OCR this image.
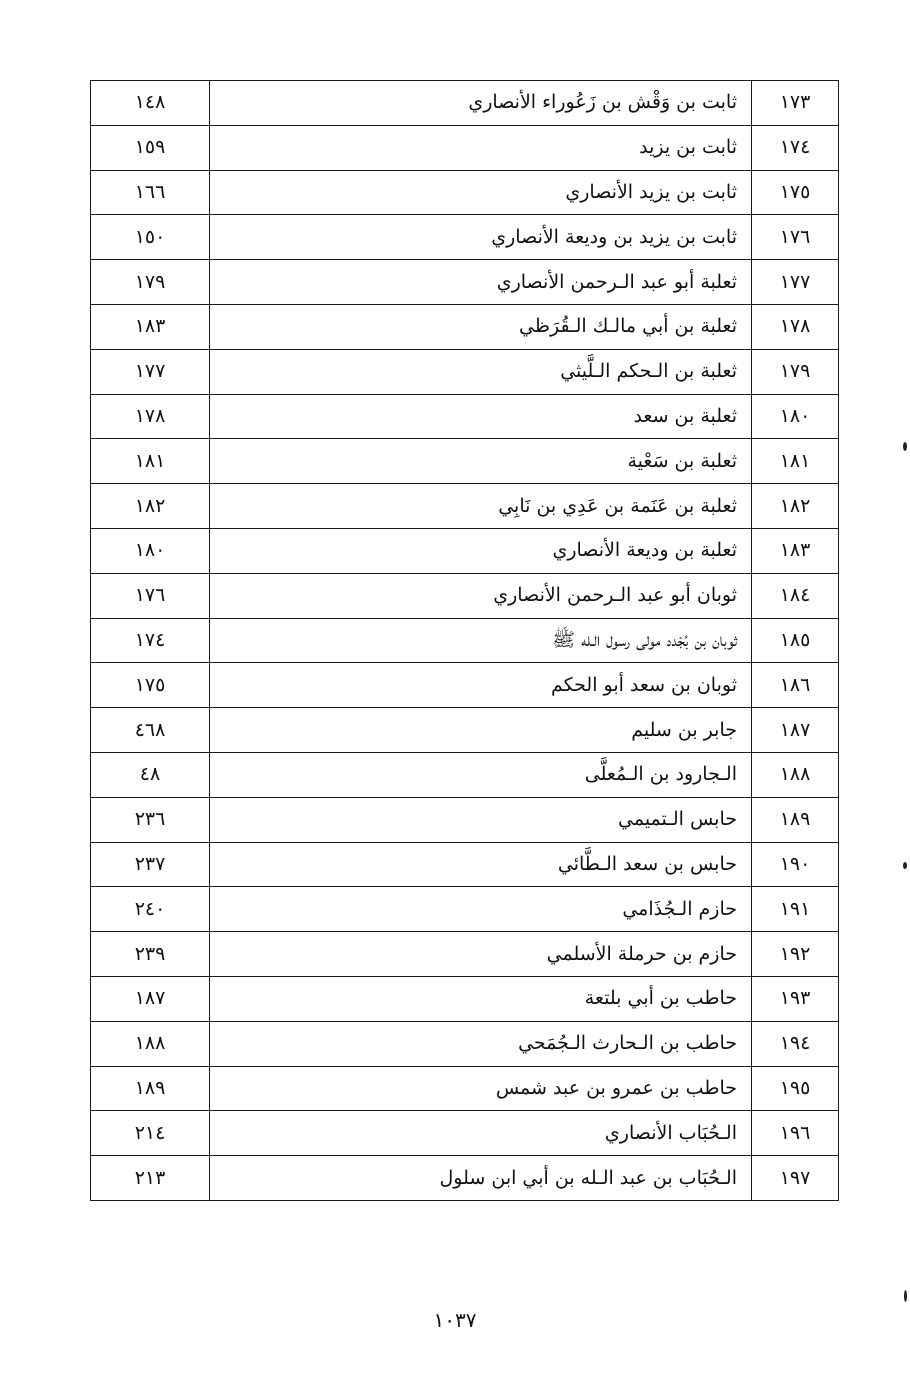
١٧٣	ثابت بن وَقْش بن زَعُوراء الأنصاري	١٤٨
١٧٤	ثابت بن يزيد	١٥٩
١٧٥	ثابت بن يزيد الأنصاري	١٦٦
١٧٦	ثابت بن يزيد بن وديعة الأنصاري	١٥٠
١٧٧	ثعلبة أبو عبد الـرحمن الأنصاري	١٧٩
١٧٨	ثعلبة بن أبي مالـك الـقُرَظي	١٨٣
١٧٩	ثعلبة بن الـحكم الـلَّيثي	١٧٧
١٨٠	ثعلبة بن سعد	١٧٨
١٨١	ثعلبة بن سَعْية	١٨١
١٨٢	ثعلبة بن عَنَمة بن عَدِي بن نَابِي	١٨٢
١٨٣	ثعلبة بن وديعة الأنصاري	١٨٠
١٨٤	ثوبان أبو عبد الـرحمن الأنصاري	١٧٦
١٨٥	ثوبان بن بُجْدد مولى رسول الـله ﷺ	١٧٤
١٨٦	ثوبان بن سعد أبو الحكم	١٧٥
١٨٧	جابر بن سليم	٤٦٨
١٨٨	الـجارود بن الـمُعلَّى	٤٨
١٨٩	حابس الـتميمي	٢٣٦
١٩٠	حابس بن سعد الـطَّائي	٢٣٧
١٩١	حازم الـجُذَامي	٢٤٠
١٩٢	حازم بن حرملة الأسلمي	٢٣٩
١٩٣	حاطب بن أبي بلتعة	١٨٧
١٩٤	حاطب بن الـحارث الـجُمَحي	١٨٨
١٩٥	حاطب بن عمرو بن عبد شمس	١٨٩
١٩٦	الـحُبَاب الأنصاري	٢١٤
١٩٧	الـحُبَاب بن عبد الـله بن أبي ابن سلول	٢١٣
١٠٣٧
